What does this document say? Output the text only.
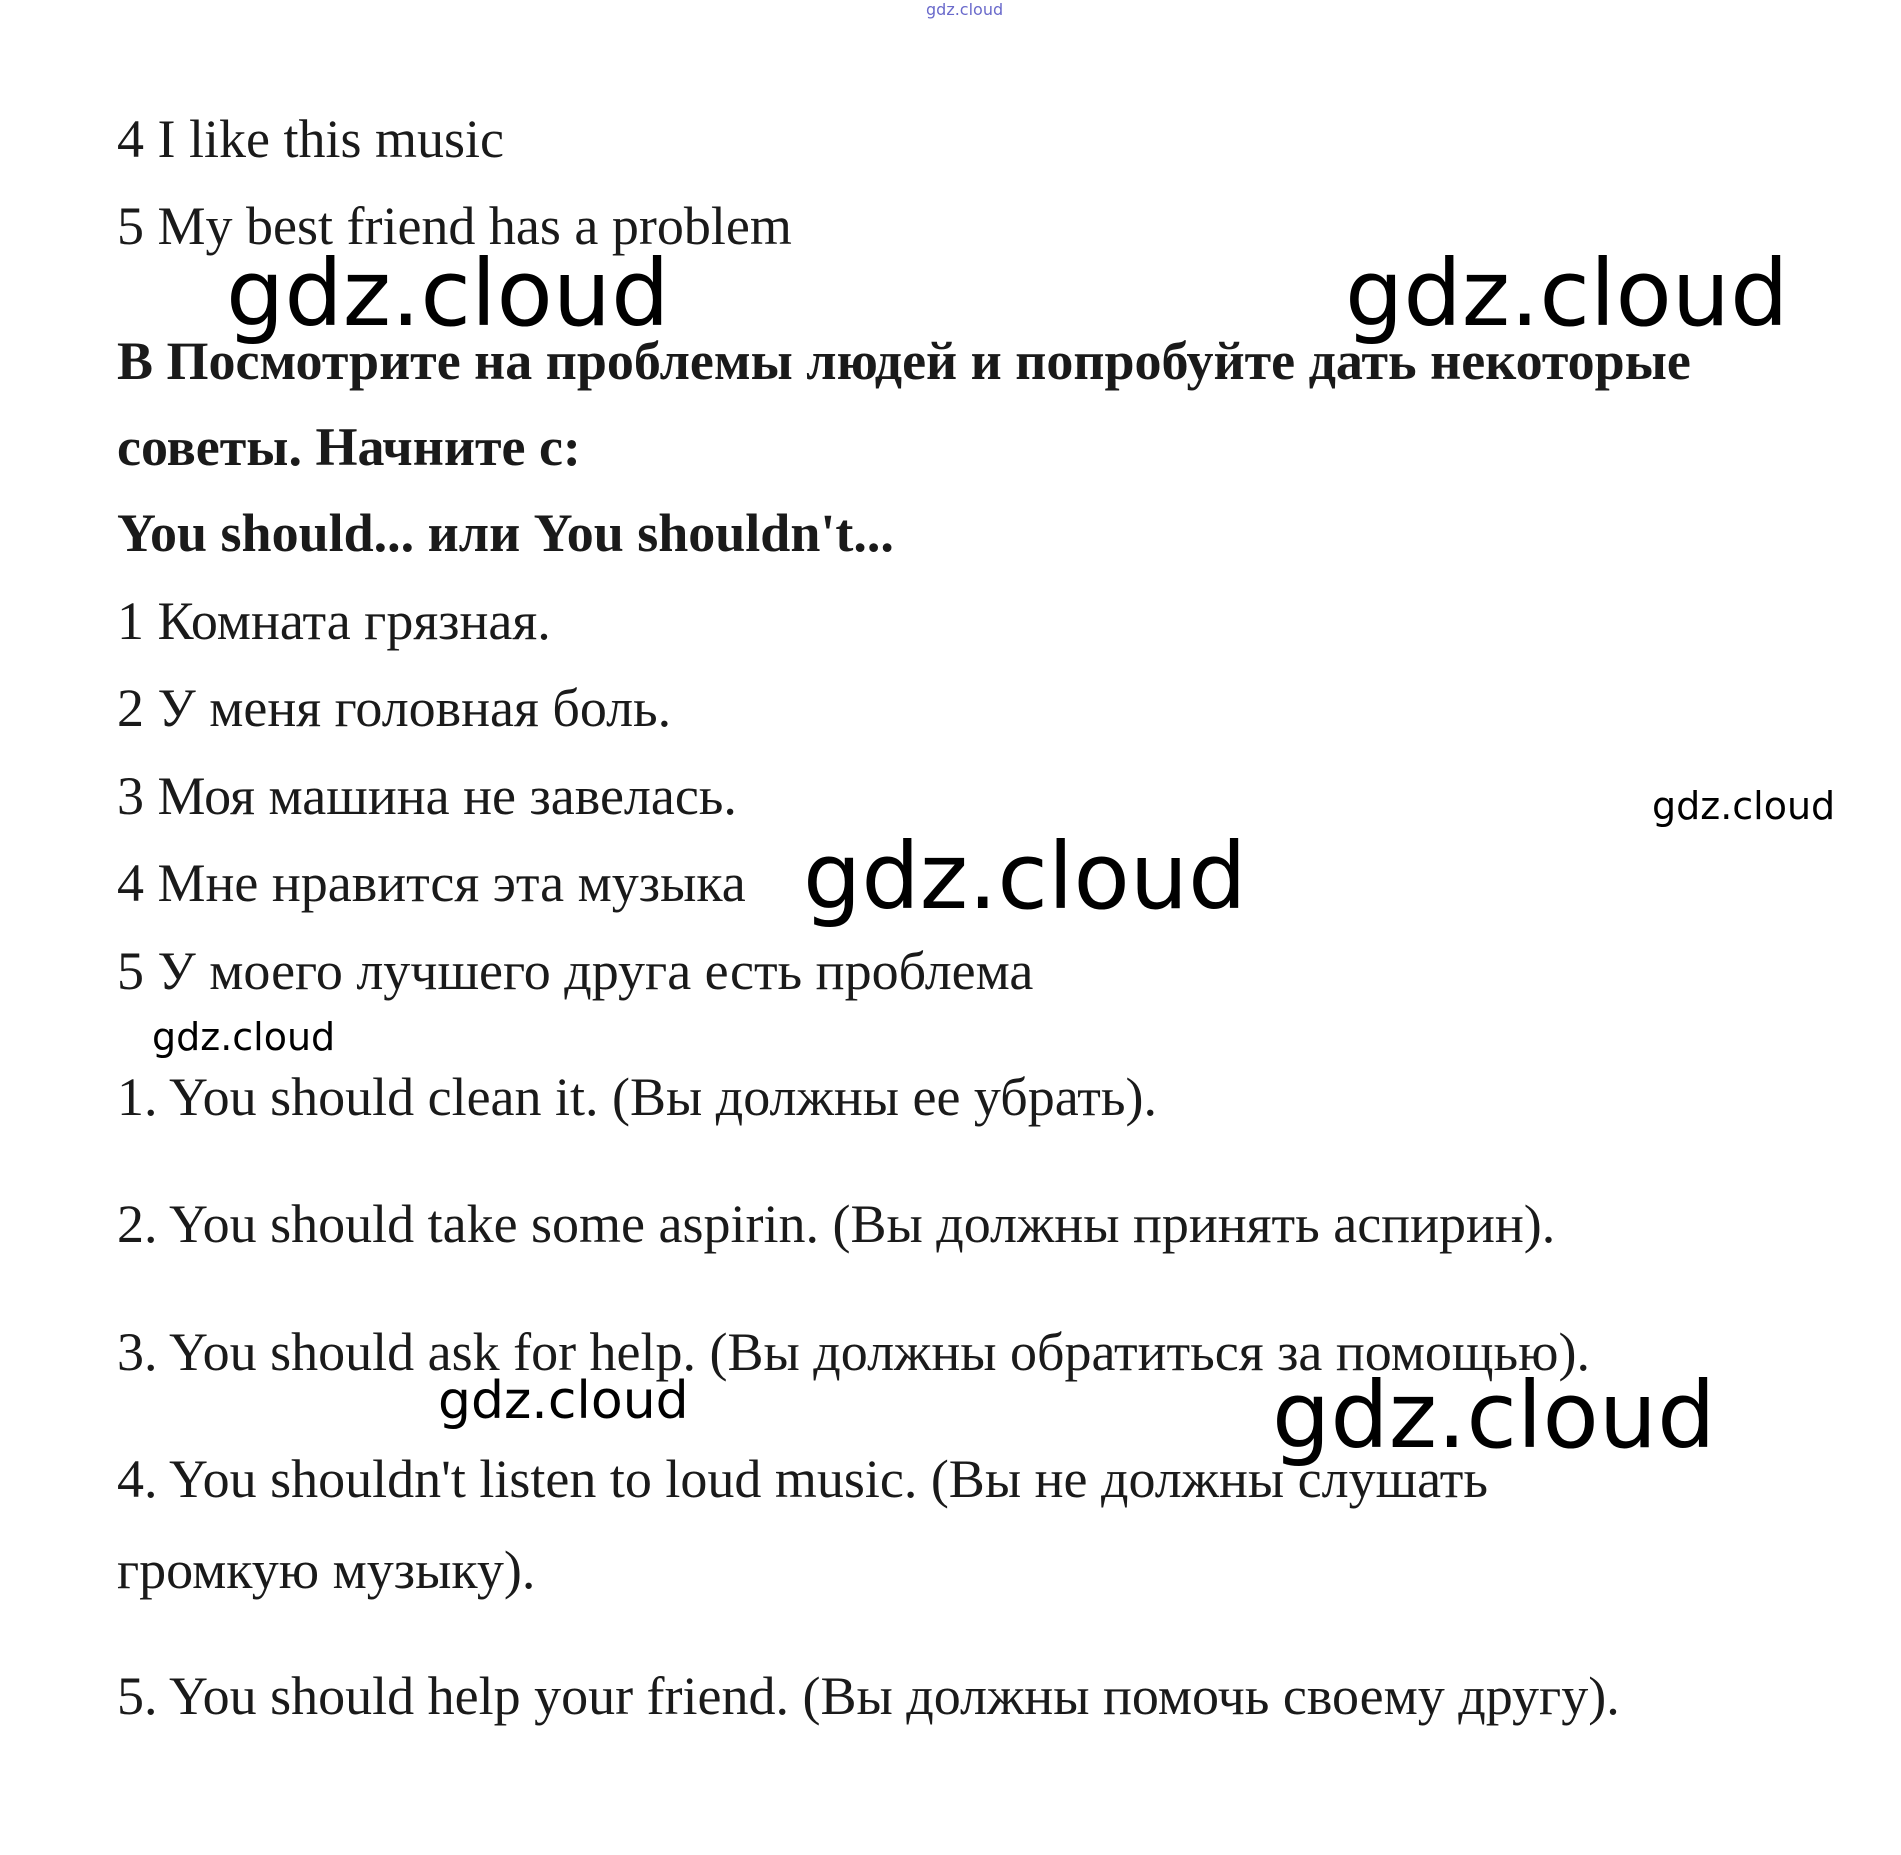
gdz.cloud
4 I like this music
5 My best friend has a problem
В Посмотрите на проблемы людей и попробуйте дать некоторые
советы. Начните с:
You should... или You shouldn't...
1 Комната грязная.
2 У меня головная боль.
3 Моя машина не завелась.
4 Мне нравится эта музыка
5 У моего лучшего друга есть проблема
1. You should clean it. (Вы должны ее убрать).
2. You should take some aspirin. (Вы должны принять аспирин).
3. You should ask for help. (Вы должны обратиться за помощью).
4. You shouldn't listen to loud music. (Вы не должны слушать
громкую музыку).
5. You should help your friend. (Вы должны помочь своему другу).
gdz.cloud	gdz.cloud
gdz.cloud
gdz.cloud
gdz.cloud
gdz.cloud	gdz.cloud
